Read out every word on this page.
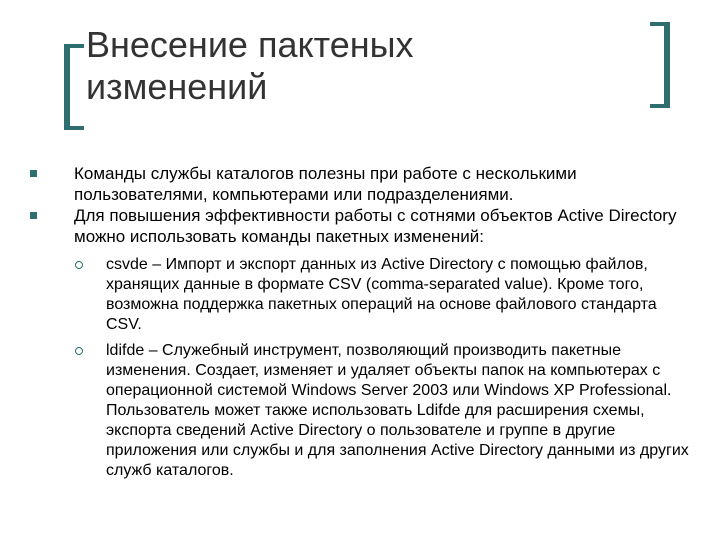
Внесение пактеных
изменений
Команды службы каталогов полезны при работе с несколькими пользователями, компьютерами или подразделениями.
Для повышения эффективности работы с сотнями объектов Active Directory можно использовать команды пакетных изменений:
csvde – Импорт и экспорт данных из Active Directory с помощью файлов, хранящих данные в формате CSV (comma-separated value). Кроме того, возможна поддержка пакетных операций на основе файлового стандарта CSV.
ldifde – Служебный инструмент, позволяющий производить пакетные изменения. Создает, изменяет и удаляет объекты папок на компьютерах с операционной системой Windows Server 2003 или Windows XP Professional. Пользователь может также использовать Ldifde для расширения схемы, экспорта сведений Active Directory о пользователе и группе в другие приложения или службы и для заполнения Active Directory данными из других служб каталогов.
